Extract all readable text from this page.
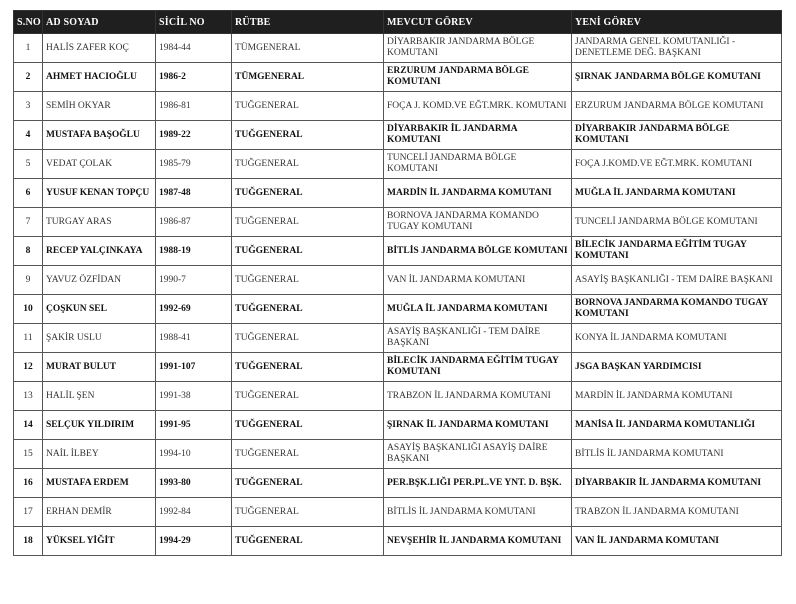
S.NO	AD SOYAD	SİCİL NO	RÜTBE	MEVCUT GÖREV	YENİ GÖREV
1	HALİS ZAFER KOÇ	1984-44	TÜMGENERAL	DİYARBAKIR JANDARMA BÖLGE KOMUTANI	JANDARMA GENEL KOMUTANLIĞI - DENETLEME DEĞ. BAŞKANI
2	AHMET HACIOĞLU	1986-2	TÜMGENERAL	ERZURUM JANDARMA BÖLGE KOMUTANI	ŞIRNAK JANDARMA BÖLGE KOMUTANI
3	SEMİH OKYAR	1986-81	TUĞGENERAL	FOÇA J. KOMD.VE EĞT.MRK. KOMUTANI	ERZURUM JANDARMA BÖLGE KOMUTANI
4	MUSTAFA BAŞOĞLU	1989-22	TUĞGENERAL	DİYARBAKIR İL JANDARMA KOMUTANI	DİYARBAKIR JANDARMA BÖLGE KOMUTANI
5	VEDAT ÇOLAK	1985-79	TUĞGENERAL	TUNCELİ JANDARMA BÖLGE KOMUTANI	FOÇA J.KOMD.VE EĞT.MRK. KOMUTANI
6	YUSUF KENAN TOPÇU	1987-48	TUĞGENERAL	MARDİN İL JANDARMA KOMUTANI	MUĞLA İL JANDARMA KOMUTANI
7	TURGAY ARAS	1986-87	TUĞGENERAL	BORNOVA JANDARMA KOMANDO TUGAY KOMUTANI	TUNCELİ JANDARMA BÖLGE KOMUTANI
8	RECEP YALÇINKAYA	1988-19	TUĞGENERAL	BİTLİS JANDARMA BÖLGE KOMUTANI	BİLECİK JANDARMA EĞİTİM TUGAY KOMUTANI
9	YAVUZ ÖZFİDAN	1990-7	TUĞGENERAL	VAN İL JANDARMA KOMUTANI	ASAYİŞ BAŞKANLIĞI - TEM DAİRE BAŞKANI
10	ÇOŞKUN SEL	1992-69	TUĞGENERAL	MUĞLA İL JANDARMA KOMUTANI	BORNOVA JANDARMA KOMANDO TUGAY KOMUTANI
11	ŞAKİR USLU	1988-41	TUĞGENERAL	ASAYİŞ BAŞKANLIĞI - TEM DAİRE BAŞKANI	KONYA İL JANDARMA KOMUTANI
12	MURAT BULUT	1991-107	TUĞGENERAL	BİLECİK JANDARMA EĞİTİM TUGAY KOMUTANI	JSGA BAŞKAN YARDIMCISI
13	HALİL ŞEN	1991-38	TUĞGENERAL	TRABZON İL JANDARMA KOMUTANI	MARDİN İL JANDARMA KOMUTANI
14	SELÇUK YILDIRIM	1991-95	TUĞGENERAL	ŞIRNAK İL JANDARMA KOMUTANI	MANİSA İL JANDARMA KOMUTANLIĞI
15	NAİL İLBEY	1994-10	TUĞGENERAL	ASAYİŞ BAŞKANLIĞI ASAYİŞ DAİRE BAŞKANI	BİTLİS İL JANDARMA KOMUTANI
16	MUSTAFA ERDEM	1993-80	TUĞGENERAL	PER.BŞK.LIĞI PER.PL.VE YNT. D. BŞK.	DİYARBAKIR İL JANDARMA KOMUTANI
17	ERHAN DEMİR	1992-84	TUĞGENERAL	BİTLİS İL JANDARMA KOMUTANI	TRABZON İL JANDARMA KOMUTANI
18	YÜKSEL YİĞİT	1994-29	TUĞGENERAL	NEVŞEHİR İL JANDARMA KOMUTANI	VAN İL JANDARMA KOMUTANI
